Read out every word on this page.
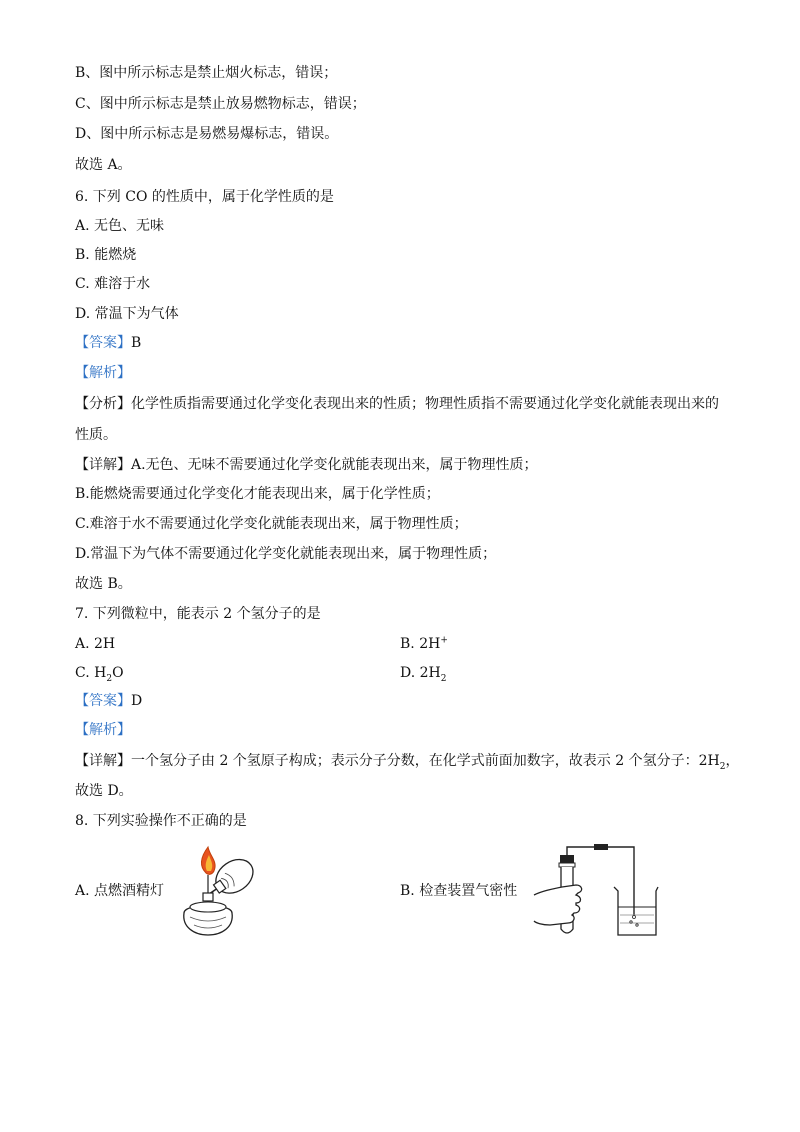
B、图中所示标志是禁止烟火标志，错误；
C、图中所示标志是禁止放易燃物标志，错误；
D、图中所示标志是易燃易爆标志，错误。
故选 A。
6. 下列 CO 的性质中，属于化学性质的是
A. 无色、无味
B. 能燃烧
C. 难溶于水
D. 常温下为气体
【答案】B
【解析】
【分析】化学性质指需要通过化学变化表现出来的性质；物理性质指不需要通过化学变化就能表现出来的
性质。
【详解】A.无色、无味不需要通过化学变化就能表现出来，属于物理性质；
B.能燃烧需要通过化学变化才能表现出来，属于化学性质；
C.难溶于水不需要通过化学变化就能表现出来，属于物理性质；
D.常温下为气体不需要通过化学变化就能表现出来，属于物理性质；
故选 B。
7. 下列微粒中，能表示 2 个氢分子的是
A. 2H	B. 2H+
C. $H_2O$	D. $2H_2$
【答案】D
【解析】
【详解】一个氢分子由 2 个氢原子构成；表示分子分数，在化学式前面加数字，故表示 2 个氢分子：$2H_2$，
故选 D。
8. 下列实验操作不正确的是
A. 点燃酒精灯	B. 检查装置气密性
